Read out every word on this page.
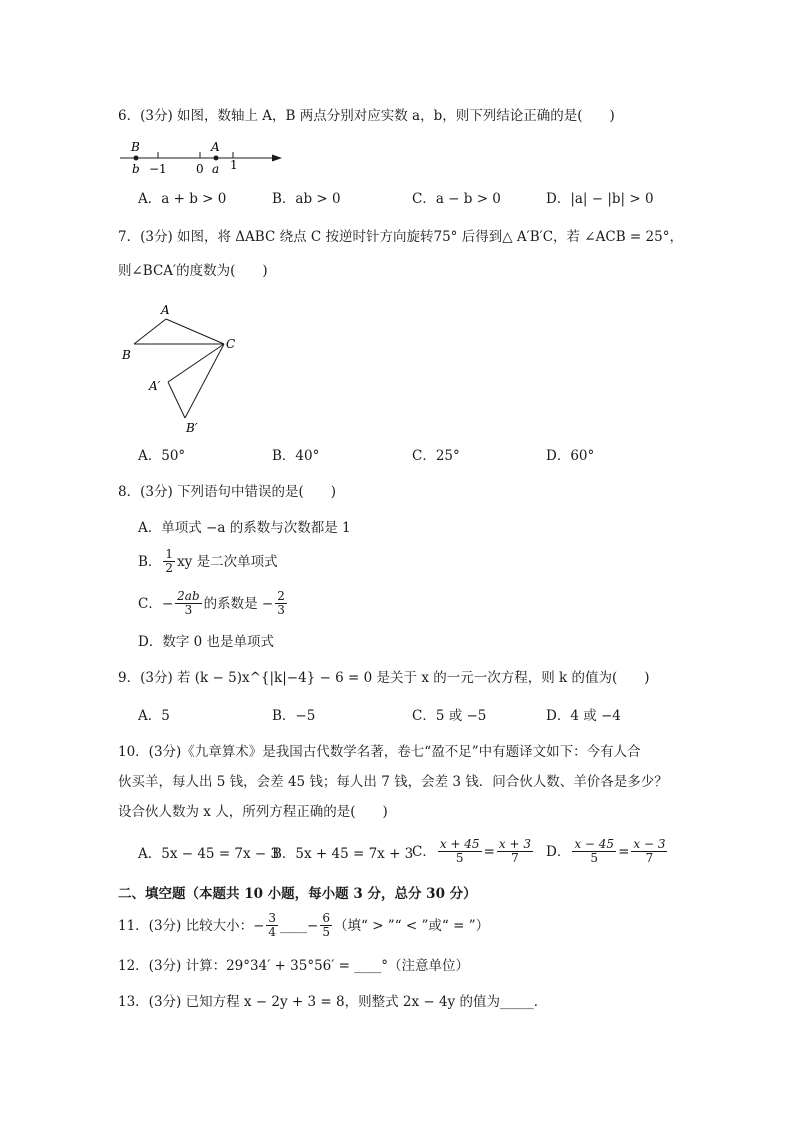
6．(3分) 如图，数轴上 A，B 两点分别对应实数 a，b，则下列结论正确的是(　　)
B	A
b −1 0 a 1
A．a + b > 0	B．ab > 0	C．a − b > 0	D．|a| − |b| > 0
7．(3分) 如图，将 ΔABC 绕点 C 按逆时针方向旋转75° 后得到△ A′B′C，若 ∠ACB = 25°，
则∠BCA′的度数为(　　)
A
B
C
A′
B′
A．50°	B．40°	C．25°	D．60°
8．(3分) 下列语句中错误的是(　　)
A．单项式 −a 的系数与次数都是 1
B． $\frac{1}{2}$ xy 是二次单项式
C．− $\frac{2ab}{3}$ 的系数是 − $\frac{2}{3}$
D．数字 0 也是单项式
9．(3分) 若 (k − 5)x^{|k|−4} − 6 = 0 是关于 x 的一元一次方程，则 k 的值为(　　)
A．5	B．−5	C．5 或 −5	D．4 或 −4
10．(3分)《九章算术》是我国古代数学名著，卷七“盈不足”中有题译文如下：今有人合
伙买羊，每人出 5 钱，会差 45 钱；每人出 7 钱，会差 3 钱．问合伙人数、羊价各是多少？
设合伙人数为 x 人，所列方程正确的是(　　)
A．5x − 45 = 7x − 3
B．5x + 45 = 7x + 3
C． $\frac{x + 45}{5} = \frac{x + 3}{7}$ D． $\frac{x - 45}{5} = \frac{x - 3}{7}$
二、填空题（本题共 10 小题，每小题 3 分，总分 30 分）
11．(3分) 比较大小：− $\frac{3}{4}$ ____− $\frac{6}{5}$ （填“ > ”“ < ”或“ = ”）
12．(3分) 计算：29°34′ + 35°56′ = ____°（注意单位）
13．(3分) 已知方程 x − 2y + 3 = 8，则整式 2x − 4y 的值为_____．
